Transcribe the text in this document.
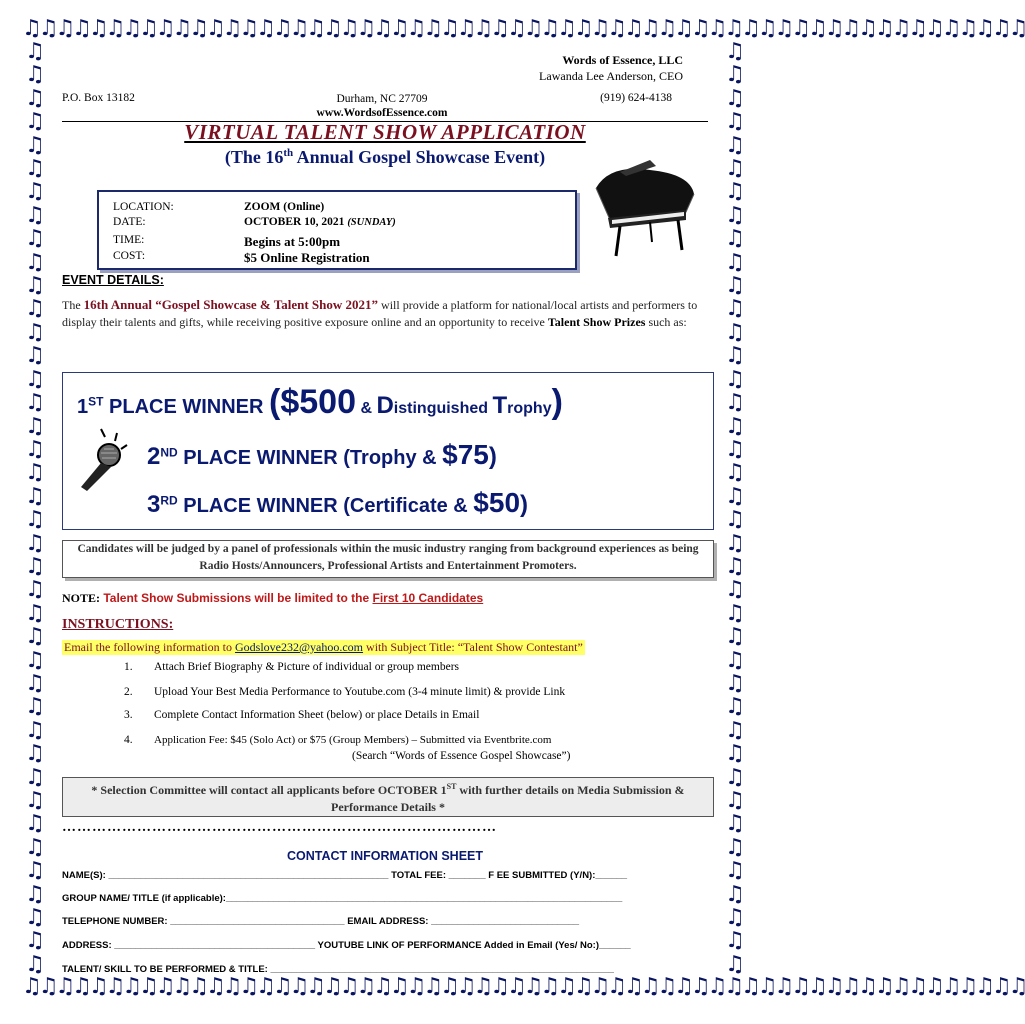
♫♫♫♫♫♫♫♫♫♫♫♫♫♫♫♫♫♫♫♫♫♫♫♫♫♫♫♫♫♫♫♫♫♫♫♫♫♫♫♫♫♫♫♫♫♫♫♫♫♫♫♫♫♫♫♫♫♫♫♫
♫♫♫♫♫♫♫♫♫♫♫♫♫♫♫♫♫♫♫♫♫♫♫♫♫♫♫♫♫♫♫♫♫♫♫♫♫♫♫♫♫♫♫♫♫♫♫♫♫♫♫♫♫♫♫♫♫♫♫♫
♫
♫
♫
♫
♫
♫
♫
♫
♫
♫
♫
♫
♫
♫
♫
♫
♫
♫
♫
♫
♫
♫
♫
♫
♫
♫
♫
♫
♫
♫
♫
♫
♫
♫
♫
♫
♫
♫
♫
♫
♫
♫
♫
♫
♫
♫
♫
♫
♫
♫
♫
♫
♫
♫
♫
♫
♫
♫
♫
♫
♫
♫
♫
♫
♫
♫
♫
♫
♫
♫
♫
♫
♫
♫
♫
♫
♫
♫
♫
♫
Words of Essence, LLC
Lawanda Lee Anderson, CEO
P.O. Box 13182	Durham, NC 27709
www.WordsofEssence.com
(919) 624-4138
VIRTUAL TALENT SHOW APPLICATION
(The 16th Annual Gospel Showcase Event)
LOCATION:	ZOOM (Online)
DATE:	OCTOBER 10, 2021 (SUNDAY)
TIME:	Begins at 5:00pm
COST:	$5 Online Registration
EVENT DETAILS:
The 16th Annual “Gospel Showcase & Talent Show 2021” will provide a platform for national/local artists and performers to display their talents and gifts, while receiving positive exposure online and an opportunity to receive Talent Show Prizes such as:
1ST PLACE WINNER ($500 & Distinguished Trophy)
2ND PLACE WINNER (Trophy & $75)
3RD PLACE WINNER (Certificate & $50)
Candidates will be judged by a panel of professionals within the music industry ranging from background experiences as being Radio Hosts/Announcers, Professional Artists and Entertainment Promoters.
NOTE: Talent Show Submissions will be limited to the First 10 Candidates
INSTRUCTIONS:
Email the following information to Godslove232@yahoo.com with Subject Title: “Talent Show Contestant”
1. Attach Brief Biography & Picture of individual or group members
2. Upload Your Best Media Performance to Youtube.com (3-4 minute limit) & provide Link
3. Complete Contact Information Sheet (below) or place Details in Email
4. Application Fee: $45 (Solo Act) or $75 (Group Members) – Submitted via Eventbrite.com
(Search “Words of Essence Gospel Showcase”)
* Selection Committee will contact all applicants before OCTOBER 1ST with further details on Media Submission & Performance Details *
……………………………………………………………………………
CONTACT INFORMATION SHEET
NAME(S): _____________________________________________________ TOTAL FEE: _______ F EE SUBMITTED (Y/N):______
GROUP NAME/ TITLE (if applicable):___________________________________________________________________________
TELEPHONE NUMBER: _________________________________ EMAIL ADDRESS: ____________________________
ADDRESS: ______________________________________ YOUTUBE LINK OF PERFORMANCE Added in Email (Yes/ No:)______
TALENT/ SKILL TO BE PERFORMED & TITLE: _________________________________________________________________
